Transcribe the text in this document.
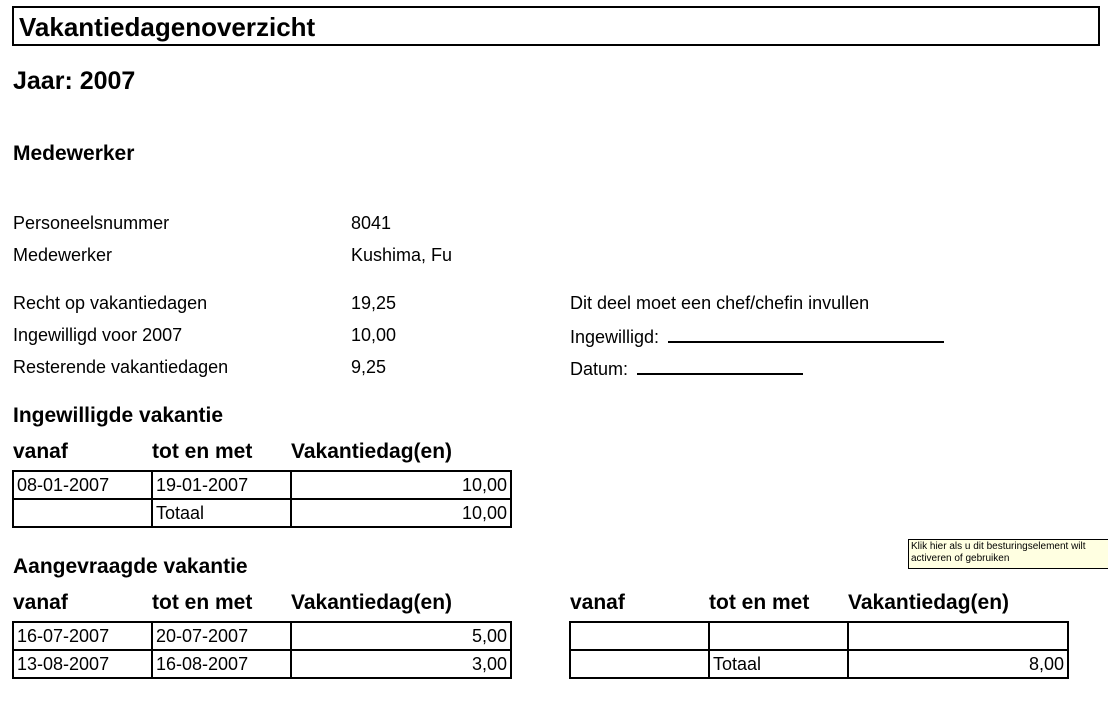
Vakantiedagenoverzicht
Jaar: 2007
Medewerker
Personeelsnummer	8041
Medewerker	Kushima, Fu
Recht op vakantiedagen	19,25
Ingewilligd voor 2007	10,00
Resterende vakantiedagen	9,25
Dit deel moet een chef/chefin invullen
Ingewilligd:
Datum:
Ingewilligde vakantie
vanaf	tot en met Vakantiedag(en)
08-01-2007	19-01-2007	10,00
	Totaal	10,00
Aangevraagde vakantie
vanaf	tot en met Vakantiedag(en)
16-07-2007	20-07-2007	5,00
13-08-2007	16-08-2007	3,00
vanaf	tot en met Vakantiedag(en)

	Totaal	8,00
Klik hier als u dit besturingselement wilt activeren of gebruiken
